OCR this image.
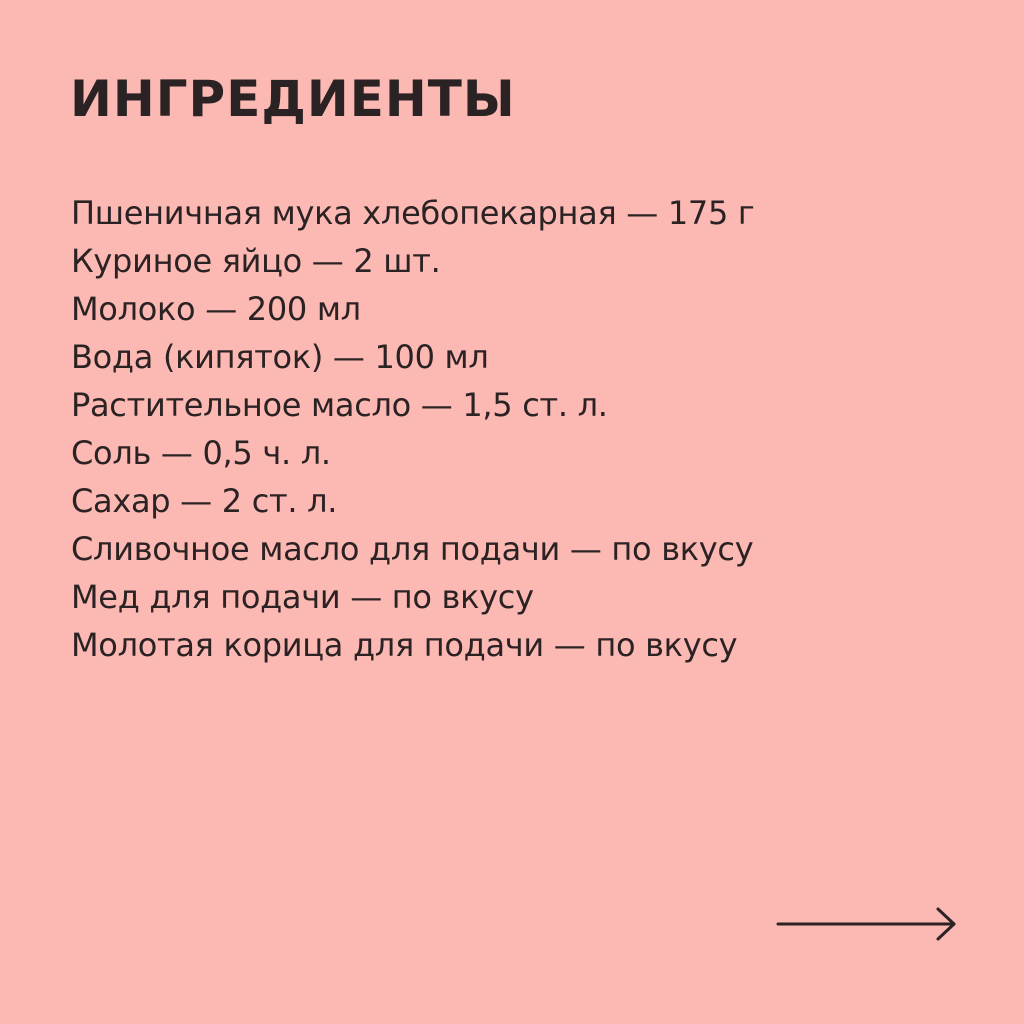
ИНГРЕДИЕНТЫ
Пшеничная мука хлебопекарная — 175 г
Куриное яйцо — 2 шт.
Молоко — 200 мл
Вода (кипяток) — 100 мл
Растительное масло — 1,5 ст. л.
Соль — 0,5 ч. л.
Сахар — 2 ст. л.
Сливочное масло для подачи — по вкусу
Мед для подачи — по вкусу
Молотая корица для подачи — по вкусу
